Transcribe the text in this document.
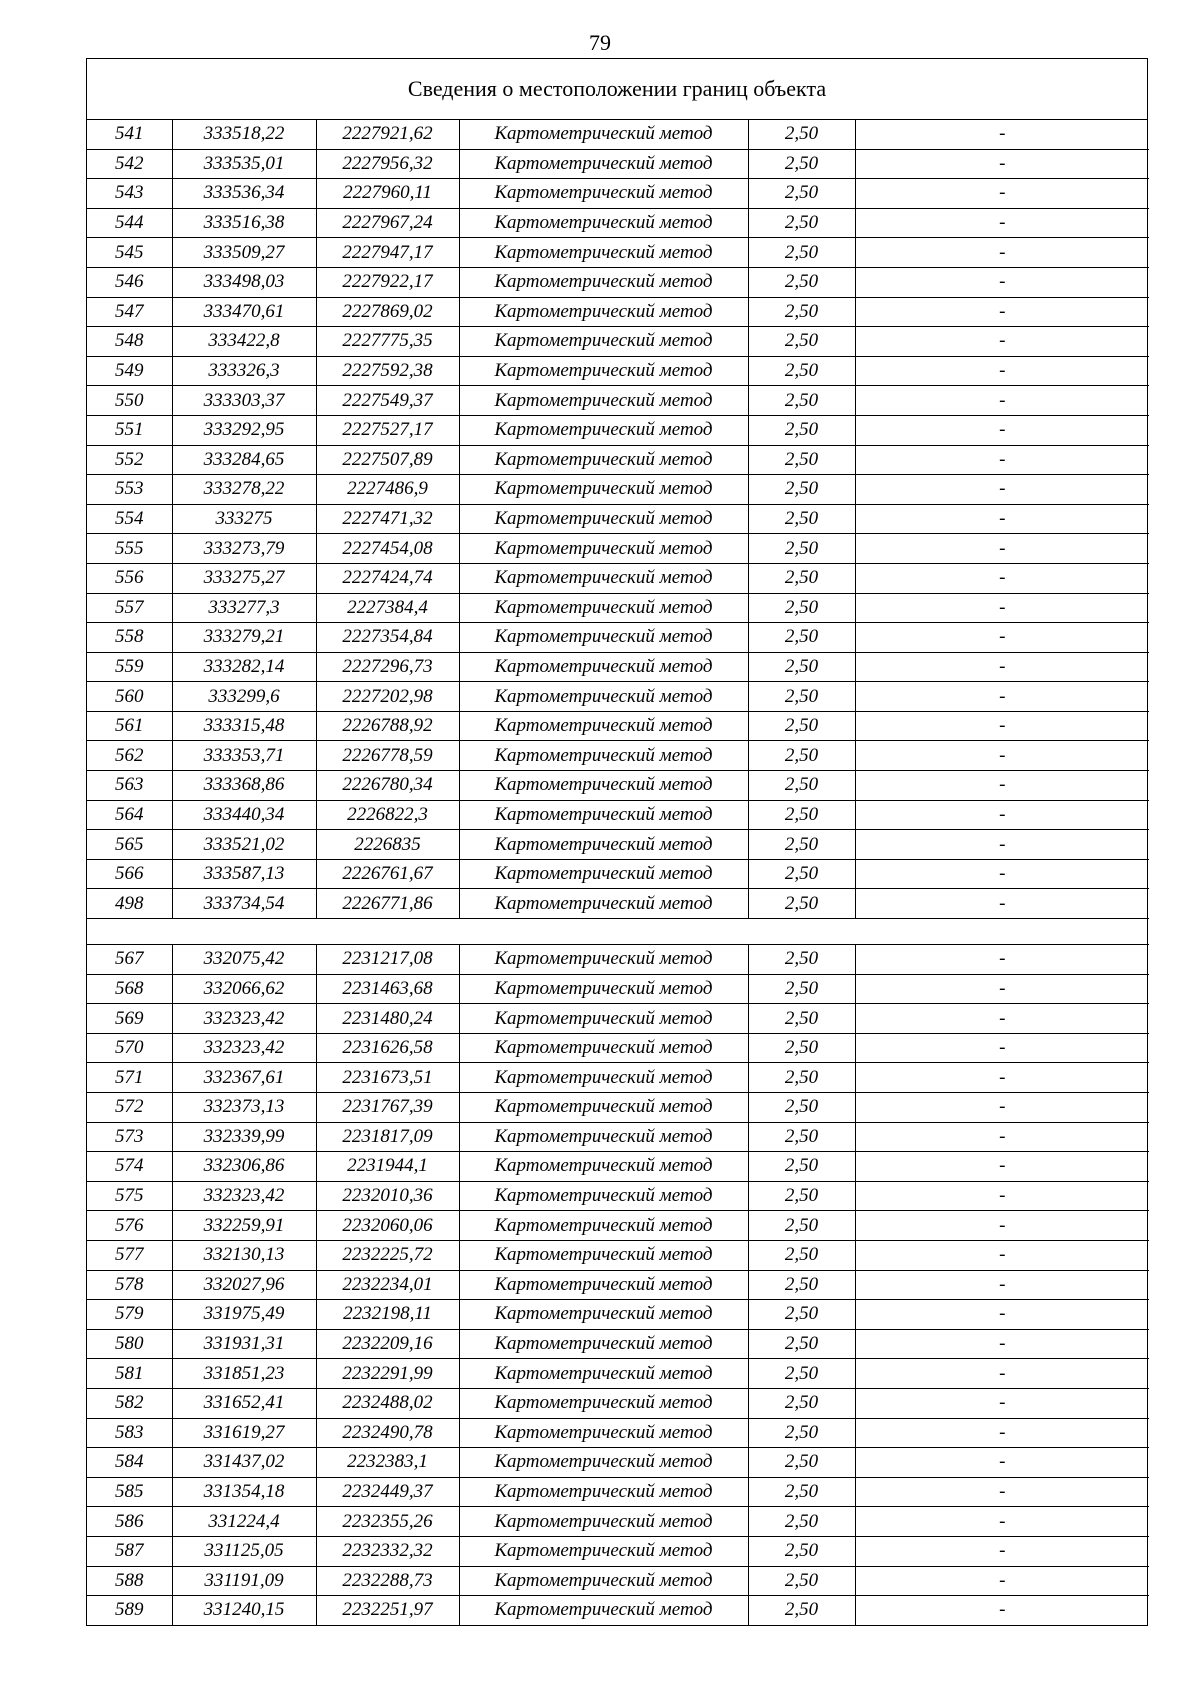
79
Сведения о местоположении границ объекта
541	333518,22	2227921,62	Картометрический метод	2,50	-
542	333535,01	2227956,32	Картометрический метод	2,50	-
543	333536,34	2227960,11	Картометрический метод	2,50	-
544	333516,38	2227967,24	Картометрический метод	2,50	-
545	333509,27	2227947,17	Картометрический метод	2,50	-
546	333498,03	2227922,17	Картометрический метод	2,50	-
547	333470,61	2227869,02	Картометрический метод	2,50	-
548	333422,8	2227775,35	Картометрический метод	2,50	-
549	333326,3	2227592,38	Картометрический метод	2,50	-
550	333303,37	2227549,37	Картометрический метод	2,50	-
551	333292,95	2227527,17	Картометрический метод	2,50	-
552	333284,65	2227507,89	Картометрический метод	2,50	-
553	333278,22	2227486,9	Картометрический метод	2,50	-
554	333275	2227471,32	Картометрический метод	2,50	-
555	333273,79	2227454,08	Картометрический метод	2,50	-
556	333275,27	2227424,74	Картометрический метод	2,50	-
557	333277,3	2227384,4	Картометрический метод	2,50	-
558	333279,21	2227354,84	Картометрический метод	2,50	-
559	333282,14	2227296,73	Картометрический метод	2,50	-
560	333299,6	2227202,98	Картометрический метод	2,50	-
561	333315,48	2226788,92	Картометрический метод	2,50	-
562	333353,71	2226778,59	Картометрический метод	2,50	-
563	333368,86	2226780,34	Картометрический метод	2,50	-
564	333440,34	2226822,3	Картометрический метод	2,50	-
565	333521,02	2226835	Картометрический метод	2,50	-
566	333587,13	2226761,67	Картометрический метод	2,50	-
498	333734,54	2226771,86	Картометрический метод	2,50	-

567	332075,42	2231217,08	Картометрический метод	2,50	-
568	332066,62	2231463,68	Картометрический метод	2,50	-
569	332323,42	2231480,24	Картометрический метод	2,50	-
570	332323,42	2231626,58	Картометрический метод	2,50	-
571	332367,61	2231673,51	Картометрический метод	2,50	-
572	332373,13	2231767,39	Картометрический метод	2,50	-
573	332339,99	2231817,09	Картометрический метод	2,50	-
574	332306,86	2231944,1	Картометрический метод	2,50	-
575	332323,42	2232010,36	Картометрический метод	2,50	-
576	332259,91	2232060,06	Картометрический метод	2,50	-
577	332130,13	2232225,72	Картометрический метод	2,50	-
578	332027,96	2232234,01	Картометрический метод	2,50	-
579	331975,49	2232198,11	Картометрический метод	2,50	-
580	331931,31	2232209,16	Картометрический метод	2,50	-
581	331851,23	2232291,99	Картометрический метод	2,50	-
582	331652,41	2232488,02	Картометрический метод	2,50	-
583	331619,27	2232490,78	Картометрический метод	2,50	-
584	331437,02	2232383,1	Картометрический метод	2,50	-
585	331354,18	2232449,37	Картометрический метод	2,50	-
586	331224,4	2232355,26	Картометрический метод	2,50	-
587	331125,05	2232332,32	Картометрический метод	2,50	-
588	331191,09	2232288,73	Картометрический метод	2,50	-
589	331240,15	2232251,97	Картометрический метод	2,50	-
